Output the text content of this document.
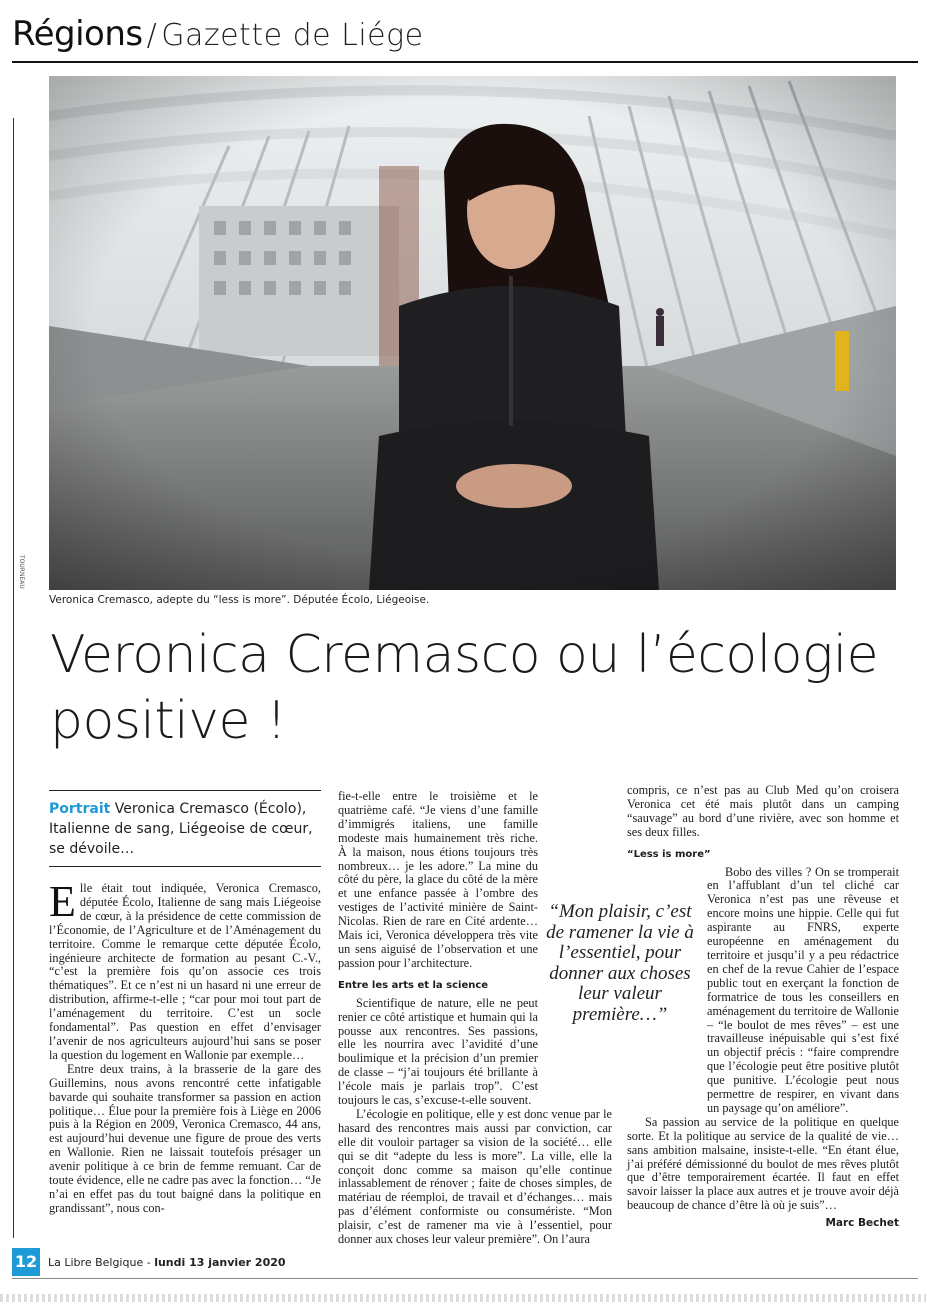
Régions / Gazette de Liége
TOURNEAU
Veronica Cremasco, adepte du “less is more”. Députée Écolo, Liégeoise.
Veronica Cremasco ou l’écologie positive !
Portrait Veronica Cremasco (Écolo), Italienne de sang, Liégeoise de cœur, se dévoile…

Elle était tout indiquée, Veronica Cremasco, députée Écolo, Italienne de sang mais Liégeoise de cœur, à la présidence de cette commission de l’Économie, de l’Agriculture et de l’Aménagement du territoire. Comme le remarque cette députée Écolo, ingénieure architecte de formation au pesant C.-V., “c’est la première fois qu’on associe ces trois thématiques”. Et ce n’est ni un hasard ni une erreur de distribution, affirme-t-elle ; “car pour moi tout part de l’aménagement du territoire. C’est un socle fondamental”. Pas question en effet d’envisager l’avenir de nos agriculteurs aujourd’hui sans se poser la question du logement en Wallonie par exemple…

Entre deux trains, à la brasserie de la gare des Guillemins, nous avons rencontré cette infatigable bavarde qui souhaite transformer sa passion en action politique… Élue pour la première fois à Liège en 2006 puis à la Région en 2009, Veronica Cremasco, 44 ans, est aujourd’hui devenue une figure de proue des verts en Wallonie. Rien ne laissait toutefois présager un avenir politique à ce brin de femme remuant. Car de toute évidence, elle ne cadre pas avec la fonction… “Je n’ai en effet pas du tout baigné dans la politique en grandissant”, nous con-

fie-t-elle entre le troisième et le quatrième café. “Je viens d’une famille d’immigrés italiens, une famille modeste mais humainement très riche. À la maison, nous étions toujours très nombreux… je les adore.” La mine du côté du père, la glace du côté de la mère et une enfance passée à l’ombre des vestiges de l’activité minière de Saint-Nicolas. Rien de rare en Cité ardente… Mais ici, Veronica développera très vite un sens aiguisé de l’observation et une passion pour l’architecture.

Entre les arts et la science

Scientifique de nature, elle ne peut renier ce côté artistique et humain qui la pousse aux rencontres. Ses passions, elle les nourrira avec l’avidité d’une boulimique et la précision d’un premier de classe – “j’ai toujours été brillante à l’école mais je parlais trop”. C’est toujours le cas, s’excuse-t-elle souvent.

L’écologie en politique, elle y est donc venue par le hasard des rencontres mais aussi par conviction, car elle dit vouloir partager sa vision de la société… elle qui se dit “adepte du less is more”. La ville, elle la conçoit donc comme sa maison qu’elle continue inlassablement de rénover ; faite de choses simples, de matériau de réemploi, de travail et d’échanges… mais pas d’élément conformiste ou consumériste. “Mon plaisir, c’est de ramener ma vie à l’essentiel, pour donner aux choses leur valeur première”. On l’aura

“Mon plaisir, c’est de ramener la vie à l’essentiel, pour donner aux choses leur valeur première…”

compris, ce n’est pas au Club Med qu’on croisera Veronica cet été mais plutôt dans un camping “sauvage” au bord d’une rivière, avec son homme et ses deux filles.

“Less is more”

Bobo des villes ? On se tromperait en l’affublant d’un tel cliché car Veronica n’est pas une rêveuse et encore moins une hippie. Celle qui fut aspirante au FNRS, experte européenne en aménagement du territoire et jusqu’il y a peu rédactrice en chef de la revue Cahier de l’espace public tout en exerçant la fonction de formatrice de tous les conseillers en aménagement du territoire de Wallonie – “le boulot de mes rêves” – est une travailleuse inépuisable qui s’est fixé un objectif précis : “faire comprendre que l’écologie peut être positive plutôt que punitive. L’écologie peut nous permettre de respirer, en vivant dans un paysage qu’on améliore”.

Sa passion au service de la politique en quelque sorte. Et la politique au service de la qualité de vie… sans ambition malsaine, insiste-t-elle. “En étant élue, j’ai préféré démissionné du boulot de mes rêves plutôt que d’être temporairement écartée. Il faut en effet savoir laisser la place aux autres et je trouve avoir déjà beaucoup de chance d’être là où je suis”…

Marc Bechet

12 La Libre Belgique - lundi 13 janvier 2020
